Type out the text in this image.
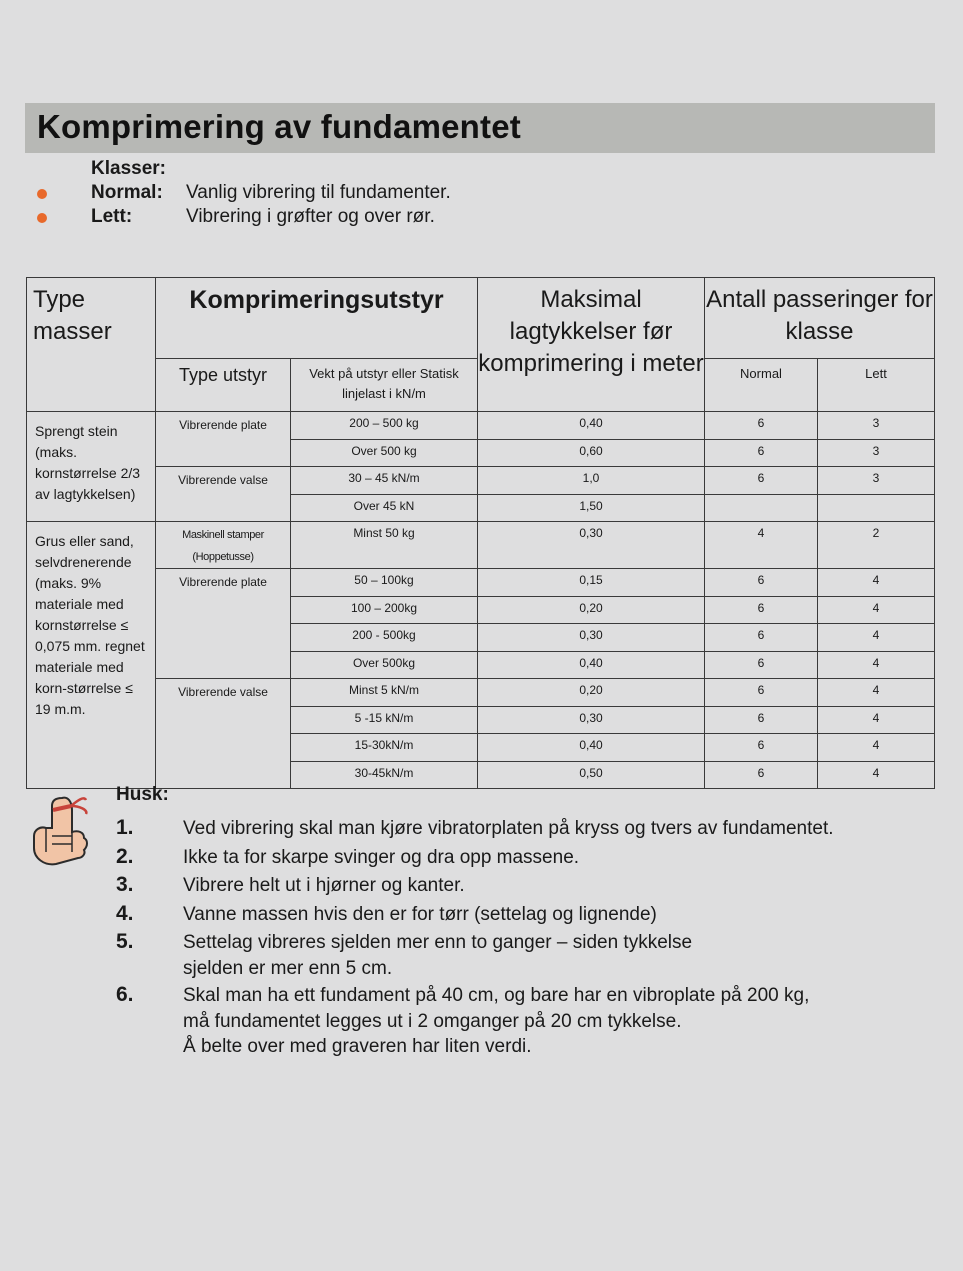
Komprimering av fundamentet
Klasser:
Normal: Vanlig vibrering til fundamenter.
Lett:	Vibrering i grøfter og over rør.
Type masser	Komprimeringsutstyr		Maksimal lagtykkelser før komprimering i meter	Antall passeringer for klasse	
	Type utstyr	Vekt på utstyr eller Statisk linjelast i kN/m		Normal	Lett
Sprengt stein (maks. kornstørrelse 2/3 av lagtykkelsen)	Vibrerende plate	200 – 500 kg	0,40	6	3
		Over 500 kg	0,60	6	3
	Vibrerende valse	30 – 45 kN/m	1,0	6	3
		Over 45 kN	1,50		
Grus eller sand, selvdrenerende (maks. 9% materiale med kornstørrelse ≤ 0,075 mm. regnet materiale med korn-størrelse ≤ 19 m.m.	Maskinell stamper (Hoppetusse)	Minst 50 kg	0,30	4	2
	Vibrerende plate	50 – 100kg	0,15	6	4
		100 – 200kg	0,20	6	4
		200 - 500kg	0,30	6	4
		Over 500kg	0,40	6	4
	Vibrerende valse	Minst 5 kN/m	0,20	6	4
		5 -15 kN/m	0,30	6	4
		15-30kN/m	0,40	6	4
		30-45kN/m	0,50	6	4
Husk:
1.	Ved vibrering skal man kjøre vibratorplaten på kryss og tvers av fundamentet.
2.	Ikke ta for skarpe svinger og dra opp massene.
3.	Vibrere helt ut i hjørner og kanter.
4.	Vanne massen hvis den er for tørr (settelag og lignende)
5.	Settelag vibreres sjelden mer enn to ganger – siden tykkelse
sjelden er mer enn 5 cm.
6.	Skal man ha ett fundament på 40 cm, og bare har en vibroplate på 200 kg,
må fundamentet legges ut i 2 omganger på 20 cm tykkelse.
Å belte over med graveren har liten verdi.
